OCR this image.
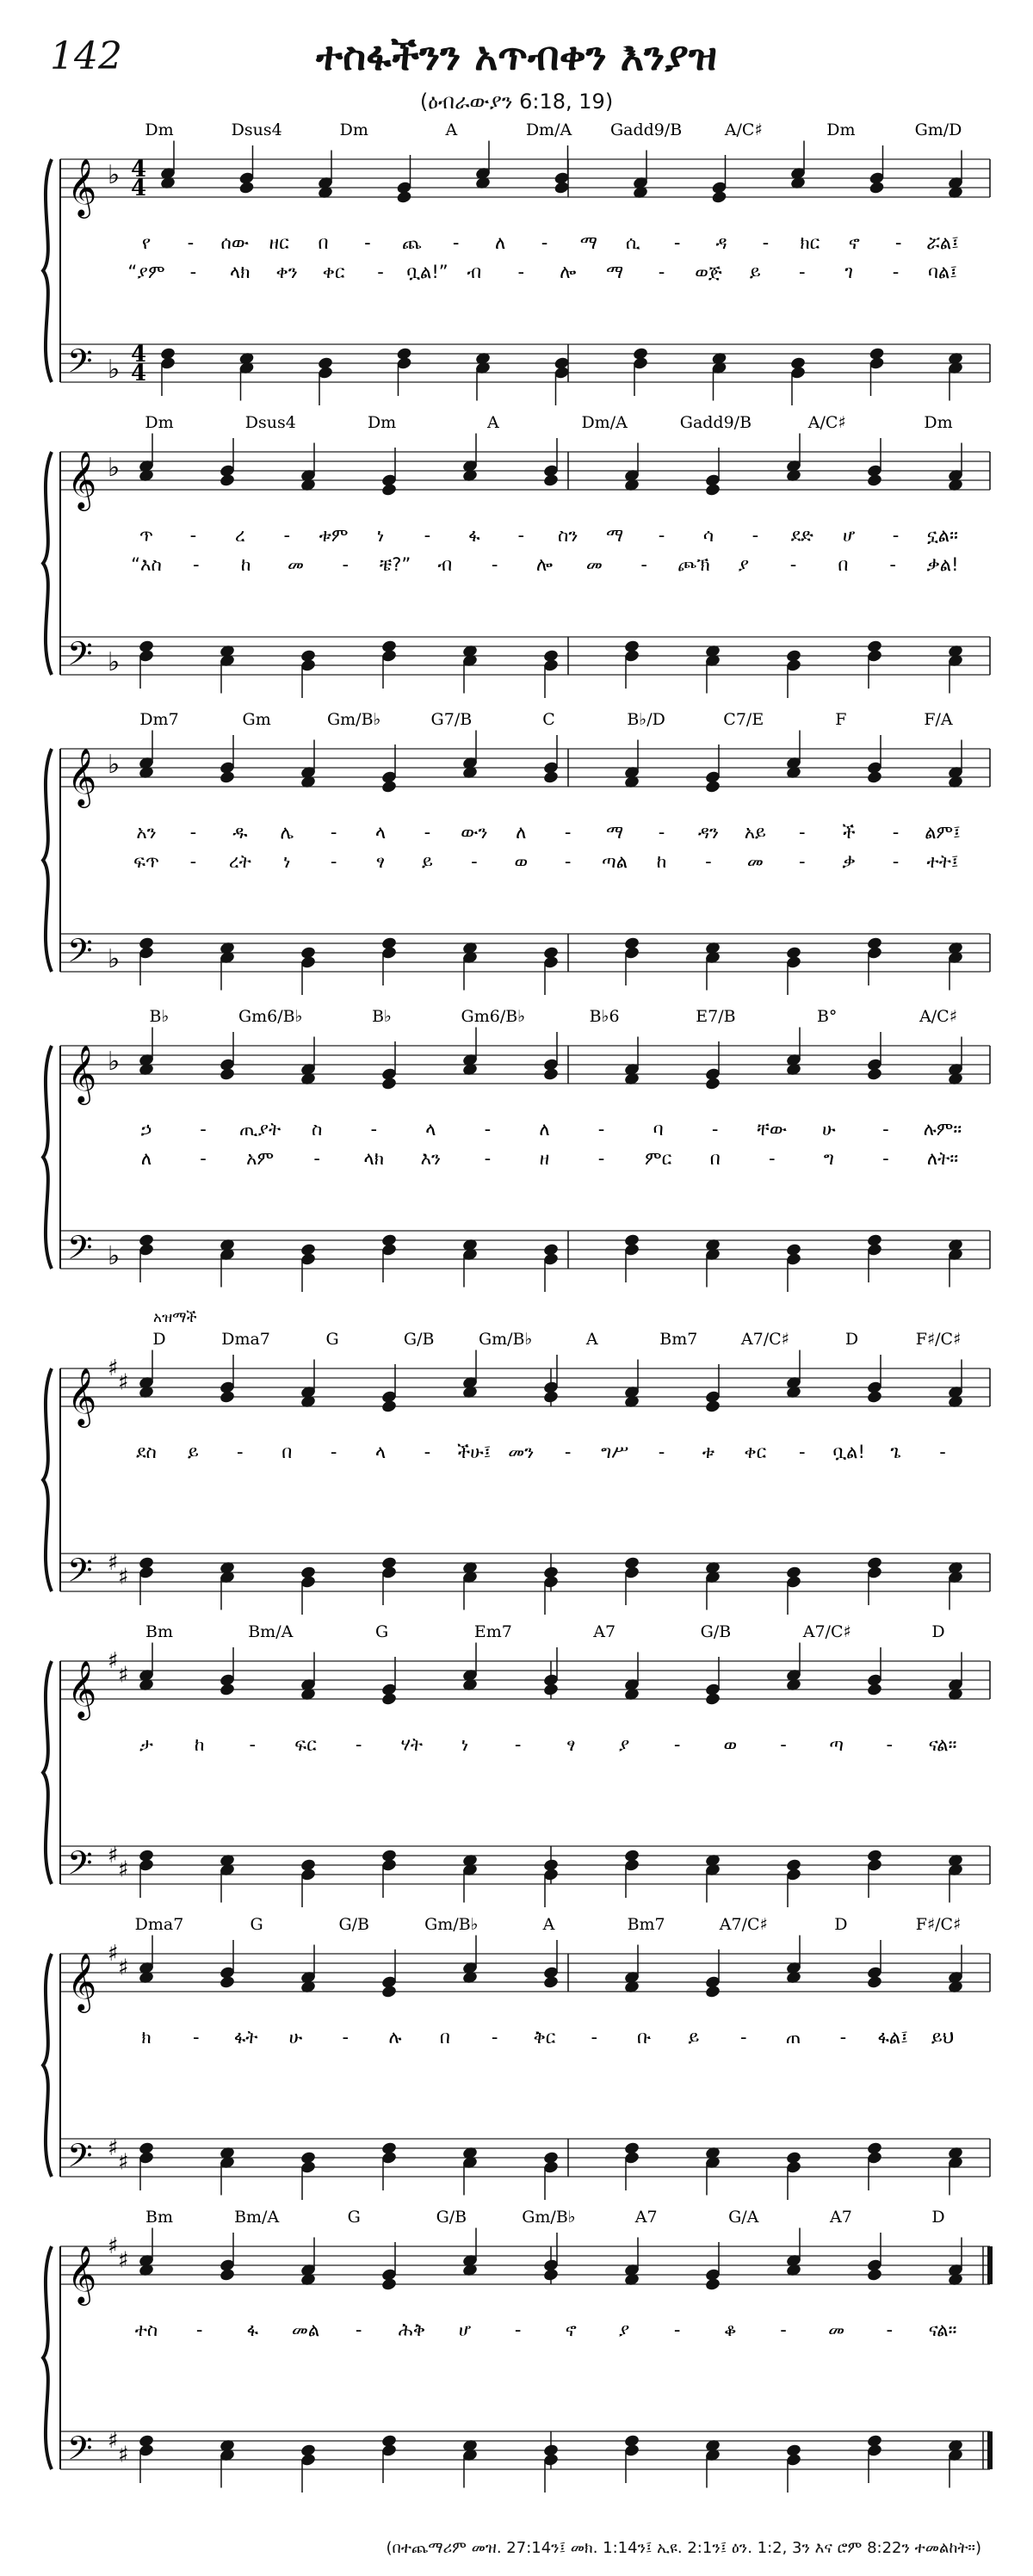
142	ተስፋችንን አጥብቀን እንያዝ
(ዕብራውያን 6:18, 19)
Dm	Dsus4	Dm	A	Dm/A Gadd9/B	A/C♯	Dm	Gm/D
𝄞
𝄢
♭
♭
4
4
4
4
የ - ሰው ዘር በ - ጨ - ለ - ማ ሲ - ዳ - ክር ኖ - ሯል፤
“ያም - ላክ ቀን ቀር - ቧል!” ብ - ሎ ማ - ወጅ ይ - ገ - ባል፤
Dm	Dsus4	Dm	A	Dm/A	Gadd9/B	A/C♯	Dm
𝄞
𝄢
♭
♭
ጥ - ረ - ቱም ነ - ፋ - ስን ማ - ሳ - ደድ ሆ - ኗል።
“እስ - ከ መ - ቼ?” ብ - ሎ መ - ጮኽ ያ - በ - ቃል!
Dm7	Gm	Gm/B♭	G7/B	C	B♭/D	C7/E	F	F/A
𝄞
𝄢
♭
♭
አን - ዱ ሌ - ላ - ውን ለ - ማ - ዳን አይ - ች - ልም፤
ፍጥ - ረት ነ - ፃ ይ - ወ - ጣል ከ - መ - ቃ - ተት፤
B♭	Gm6/B♭	B♭	Gm6/B♭	B♭6	E7/B	B°	A/C♯
𝄞
𝄢
♭
♭
ኃ	- ጢያት ስ	-	ላ	-	ለ	-	ባ	- ቸው ሁ	- ሉም።
ለ	- አም - ላክ እን -	ዘ	- ምር በ	-	ግ	- ለት።
D	Dma7	G	G/B	Gm/B♭	A	Bm7	A7/C♯	D	F♯/C♯
አዝማች
𝄞
𝄢
♯
♯
♯
♯
ደስ ይ - በ - ላ - ችሁ፤ መን - ግሥ - ቱ ቀር - ቧል! ጌ -
Bm	Bm/A	G	Em7	A7	G/B	A7/C♯	D
𝄞
𝄢
♯
♯
♯
♯
ታ ከ - ፍር - ሃት ነ	-	ፃ ያ - ወ - ጣ - ናል።
Dma7	G	G/B	Gm/B♭	A	Bm7	A7/C♯	D	F♯/C♯
𝄞
𝄢
♯
♯
♯
♯
ክ - ፋት ሁ - ሉ በ - ቅር - ቡ ይ - ጠ - ፋል፤ ይህ
Bm	Bm/A	G	G/B	Gm/B♭	A7	G/A	A7	D
𝄞
𝄢
♯
♯
♯
♯
ተስ - ፋ መል - ሕቅ ሆ - ኖ ያ - ቆ - መ - ናል።
(በተጨማሪም መዝ. 27:14ን፤ መክ. 1:14ን፤ ኢዩ. 2:1ን፤ ዕን. 1:2, 3ን እና ሮም 8:22ን ተመልከት።)
